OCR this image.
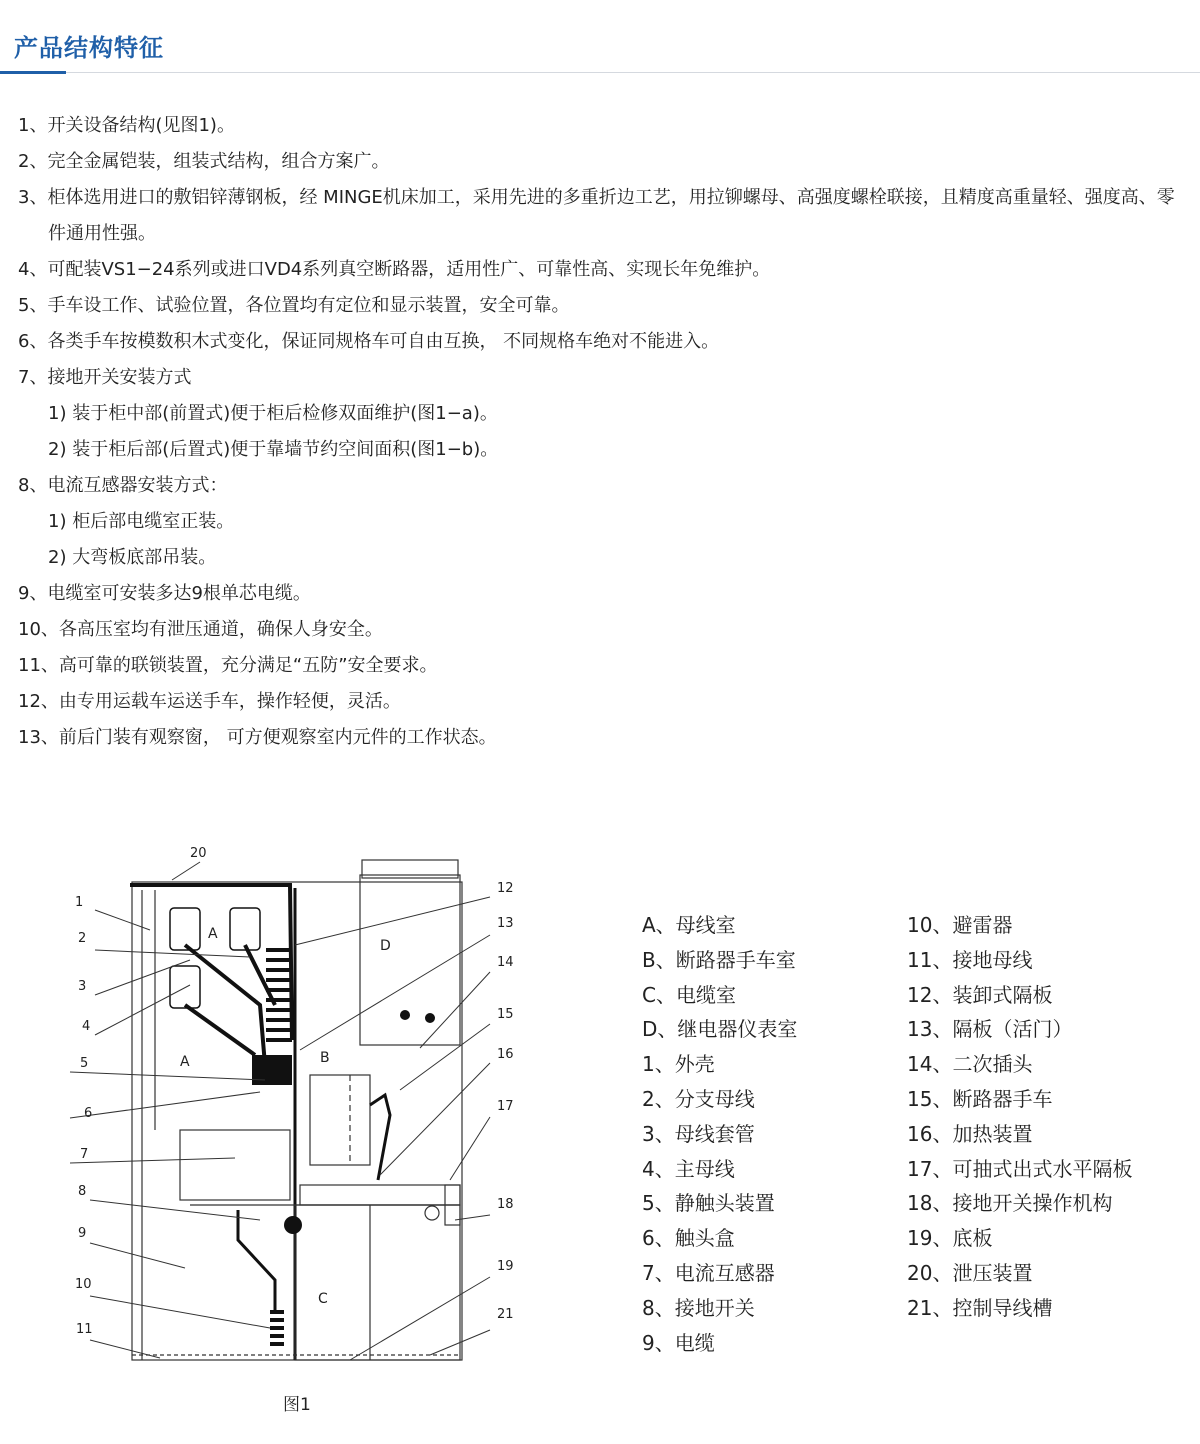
产品结构特征
1、开关设备结构(见图1)。
2、完全金属铠装，组装式结构，组合方案广。
3、柜体选用进口的敷铝锌薄钢板，经 MINGE机床加工，采用先进的多重折边工艺，用拉铆螺母、高强度螺栓联接，且精度高重量轻、强度高、零件通用性强。
4、可配装VS1−24系列或进口VD4系列真空断路器，适用性广、可靠性高、实现长年免维护。
5、手车设工作、试验位置，各位置均有定位和显示装置，安全可靠。
6、各类手车按模数积木式变化，保证同规格车可自由互换， 不同规格车绝对不能进入。
7、接地开关安装方式
1) 装于柜中部(前置式)便于柜后检修双面维护(图1−a)。
2) 装于柜后部(后置式)便于靠墙节约空间面积(图1−b)。
8、电流互感器安装方式：
1) 柜后部电缆室正装。
2) 大弯板底部吊装。
9、电缆室可安装多达9根单芯电缆。
10、各高压室均有泄压通道，确保人身安全。
11、高可靠的联锁装置，充分满足“五防”安全要求。
12、由专用运载车运送手车，操作轻便，灵活。
13、前后门装有观察窗， 可方便观察室内元件的工作状态。
20
1
2
3
4
5
6
7
8
9
10
11
12
13
14
15
16
17
18
19
21
A
A	B
C
D
图1
A、母线室
B、断路器手车室
C、电缆室
D、继电器仪表室
1、外壳
2、分支母线
3、母线套管
4、主母线
5、静触头装置
6、触头盒
7、电流互感器
8、接地开关
9、电缆
10、避雷器
11、接地母线
12、装卸式隔板
13、隔板（活门）
14、二次插头
15、断路器手车
16、加热装置
17、可抽式出式水平隔板
18、接地开关操作机构
19、底板
20、泄压装置
21、控制导线槽
